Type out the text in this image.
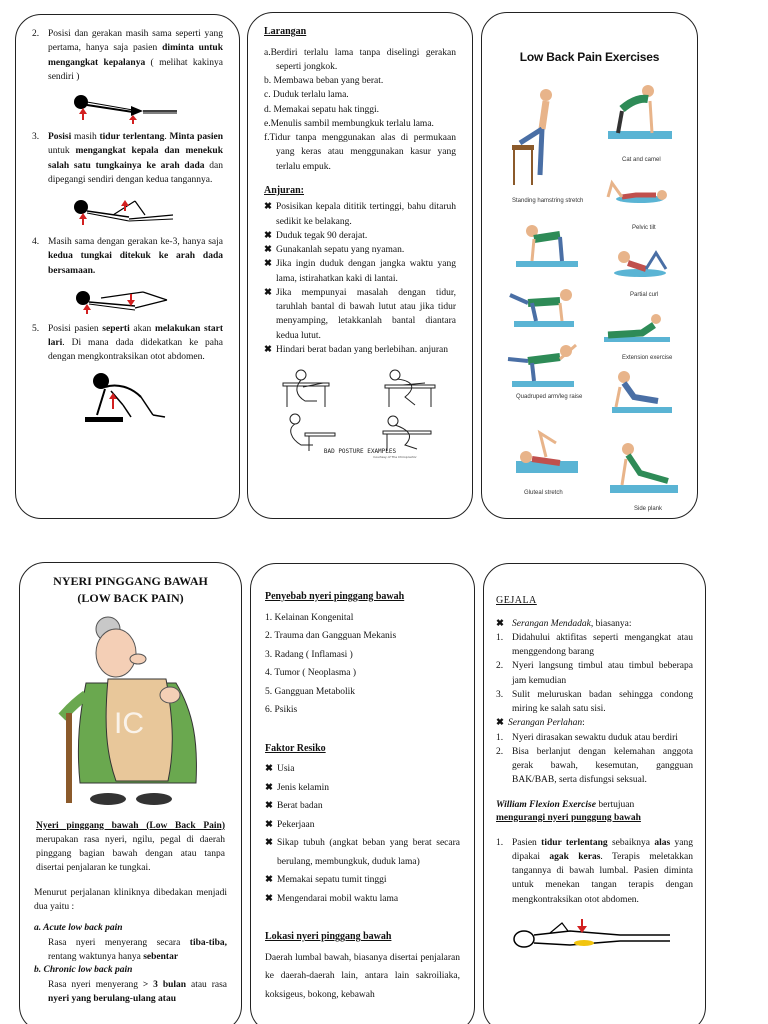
2. Posisi dan gerakan masih sama seperti yang pertama, hanya saja pasien diminta untuk mengangkat kepalanya ( melihat kakinya sendiri )
3. Posisi masih tidur terlentang. Minta pasien untuk mengangkat kepala dan menekuk salah satu tungkainya ke arah dada dan dipegangi sendiri dengan kedua tangannya.
4. Masih sama dengan gerakan ke-3, hanya saja kedua tungkai ditekuk ke arah dada bersamaan.
5. Posisi pasien seperti akan melakukan start lari. Di mana dada didekatkan ke paha dengan mengkontraksikan otot abdomen.
Larangan
a.Berdiri terlalu lama tanpa diselingi gerakan seperti jongkok.
b. Membawa beban yang berat.
c. Duduk terlalu lama.
d. Memakai sepatu hak tinggi.
e.Menulis sambil membungkuk terlalu lama.
f.Tidur tanpa menggunakan alas di permukaan yang keras atau menggunakan kasur yang terlalu empuk.
Anjuran:
✖ Posisikan kepala dititik tertinggi, bahu ditaruh sedikit ke belakang.
✖ Duduk tegak 90 derajat.
✖ Gunakanlah sepatu yang nyaman.
✖ Jika ingin duduk dengan jangka waktu yang lama, istirahatkan kaki di lantai.
✖ Jika mempunyai masalah dengan tidur, taruhlah bantal di bawah lutut atau jika tidur menyamping, letakkanlah bantal diantara kedua lutut.
✖ Hindari berat badan yang berlebihan. anjuran
BAD POSTURE EXAMPLES
Courtesy of The Chiropractor
Low Back Pain Exercises
Cat and camel
Standing hamstring stretch
Pelvic tilt
Partial curl
Extension exercise
Quadruped arm/leg raise
Gluteal stretch
Side plank
NYERI PINGGANG BAWAH
(LOW BACK PAIN)
IC
Nyeri pinggang bawah (Low Back Pain) merupakan rasa nyeri, ngilu, pegal di daerah pinggang bagian bawah dengan atau tanpa disertai penjalaran ke tungkai.
Menurut perjalanan kliniknya dibedakan menjadi dua yaitu :
a. Acute low back pain
Rasa nyeri menyerang secara tiba-tiba, rentang waktunya hanya sebentar
b. Chronic low back pain
Rasa nyeri menyerang > 3 bulan atau rasa nyeri yang berulang-ulang atau
Penyebab nyeri pinggang bawah
1. Kelainan Kongenital
2. Trauma dan Gangguan Mekanis
3. Radang ( Inflamasi )
4. Tumor ( Neoplasma )
5. Gangguan Metabolik
6. Psikis
Faktor Resiko
✖ Usia
✖ Jenis kelamin
✖ Berat badan
✖ Pekerjaan
✖ Sikap tubuh (angkat beban yang berat secara berulang, membungkuk, duduk lama)
✖ Memakai sepatu tumit tinggi
✖ Mengendarai mobil waktu lama
Lokasi nyeri pinggang bawah
Daerah lumbal bawah, biasanya disertai penjalaran ke daerah-daerah lain, antara lain sakroiliaka, koksigeus, bokong, kebawah
GEJALA
✖ Serangan Mendadak, biasanya:
1. Didahului aktifitas seperti mengangkat atau menggendong barang
2. Nyeri langsung timbul atau timbul beberapa jam kemudian
3. Sulit meluruskan badan sehingga condong miring ke salah satu sisi.
✖ Serangan Perlahan:
1. Nyeri dirasakan sewaktu duduk atau berdiri
2. Bisa berlanjut dengan kelemahan anggota gerak bawah, kesemutan, gangguan BAK/BAB, serta disfungsi seksual.
William Flexion Exercise bertujuan
mengurangi nyeri punggung bawah
1. Pasien tidur terlentang sebaiknya alas yang dipakai agak keras. Terapis meletakkan tangannya di bawah lumbal. Pasien diminta untuk menekan tangan terapis dengan mengkontraksikan otot abdomen.
